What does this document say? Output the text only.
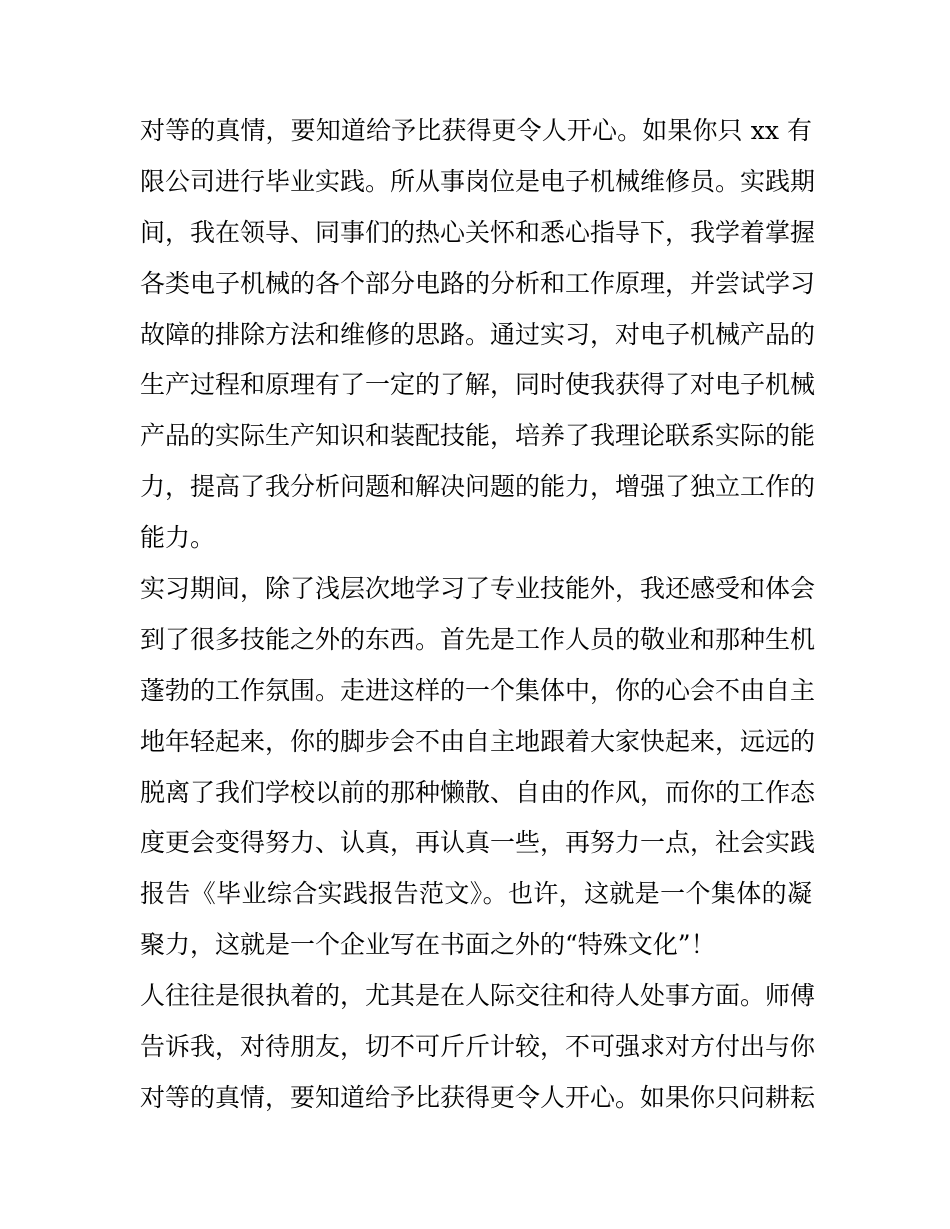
对等的真情，要知道给予比获得更令人开心。如果你只 xx 有
限公司进行毕业实践。所从事岗位是电子机械维修员。实践期
间，我在领导、同事们的热心关怀和悉心指导下，我学着掌握
各类电子机械的各个部分电路的分析和工作原理，并尝试学习
故障的排除方法和维修的思路。通过实习，对电子机械产品的
生产过程和原理有了一定的了解，同时使我获得了对电子机械
产品的实际生产知识和装配技能，培养了我理论联系实际的能
力，提高了我分析问题和解决问题的能力，增强了独立工作的
能力。
实习期间，除了浅层次地学习了专业技能外，我还感受和体会
到了很多技能之外的东西。首先是工作人员的敬业和那种生机
蓬勃的工作氛围。走进这样的一个集体中，你的心会不由自主
地年轻起来，你的脚步会不由自主地跟着大家快起来，远远的
脱离了我们学校以前的那种懒散、自由的作风，而你的工作态
度更会变得努力、认真，再认真一些，再努力一点，社会实践
报告《毕业综合实践报告范文》。也许，这就是一个集体的凝
聚力，这就是一个企业写在书面之外的“特殊文化”！
人往往是很执着的，尤其是在人际交往和待人处事方面。师傅
告诉我，对待朋友，切不可斤斤计较，不可强求对方付出与你
对等的真情，要知道给予比获得更令人开心。如果你只问耕耘
